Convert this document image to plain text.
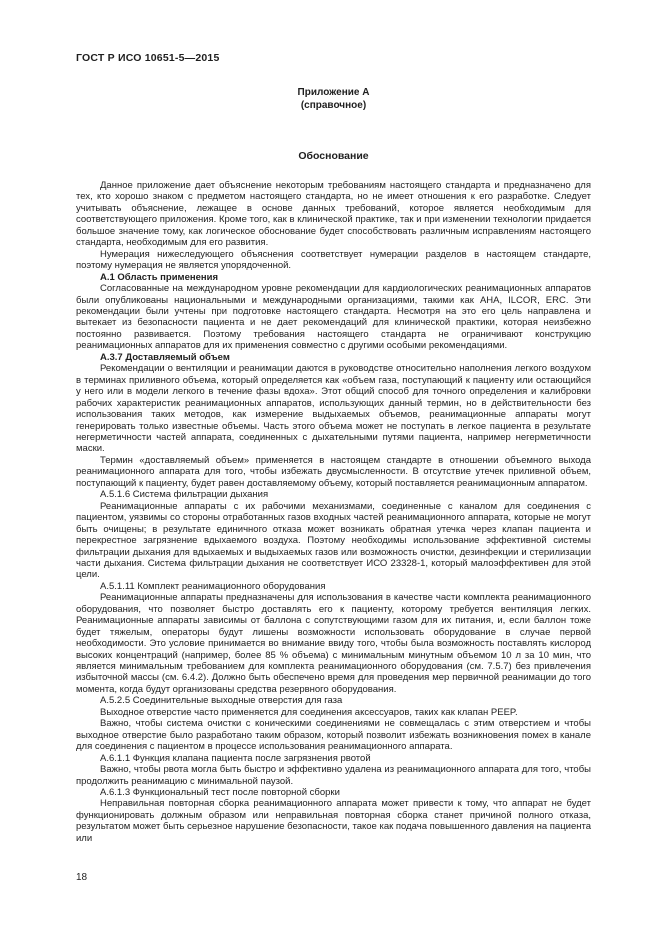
ГОСТ Р ИСО 10651-5—2015
Приложение А
(справочное)
Обоснование

Данное приложение дает объяснение некоторым требованиям настоящего стандарта и предназначено для тех, кто хорошо знаком с предметом настоящего стандарта, но не имеет отношения к его разработке. Следует учитывать объяснение, лежащее в основе данных требований, которое является необходимым для соответствующего приложения. Кроме того, как в клинической практике, так и при изменении технологии придается большое значение тому, как логическое обоснование будет способствовать различным исправлениям настоящего стандарта, необходимым для его развития.

Нумерация нижеследующего объяснения соответствует нумерации разделов в настоящем стандарте, поэтому нумерация не является упорядоченной.

А.1 Область применения

Согласованные на международном уровне рекомендации для кардиологических реанимационных аппаратов были опубликованы национальными и международными организациями, такими как AHA, ILCOR, ERC. Эти рекомендации были учтены при подготовке настоящего стандарта. Несмотря на это его цель направлена и вытекает из безопасности пациента и не дает рекомендаций для клинической практики, которая неизбежно постоянно развивается. Поэтому требования настоящего стандарта не ограничивают конструкцию реанимационных аппаратов для их применения совместно с другими особыми рекомендациями.

А.3.7 Доставляемый объем

Рекомендации о вентиляции и реанимации даются в руководстве относительно наполнения легкого воздухом в терминах приливного объема, который определяется как «объем газа, поступающий к пациенту или остающийся у него или в модели легкого в течение фазы вдоха». Этот общий способ для точного определения и калибровки рабочих характеристик реанимационных аппаратов, использующих данный термин, но в действительности без использования таких методов, как измерение выдыхаемых объемов, реанимационные аппараты могут генерировать только известные объемы. Часть этого объема может не поступать в легкое пациента в результате негерметичности частей аппарата, соединенных с дыхательными путями пациента, например негерметичности маски.

Термин «доставляемый объем» применяется в настоящем стандарте в отношении объемного выхода реанимационного аппарата для того, чтобы избежать двусмысленности. В отсутствие утечек приливной объем, поступающий к пациенту, будет равен доставляемому объему, который поставляется реанимационным аппаратом.

А.5.1.6 Система фильтрации дыхания

Реанимационные аппараты с их рабочими механизмами, соединенные с каналом для соединения с пациентом, уязвимы со стороны отработанных газов входных частей реанимационного аппарата, которые не могут быть очищены; в результате единичного отказа может возникать обратная утечка через клапан пациента и перекрестное загрязнение вдыхаемого воздуха. Поэтому необходимы использование эффективной системы фильтрации дыхания для вдыхаемых и выдыхаемых газов или возможность очистки, дезинфекции и стерилизации части дыхания. Система фильтрации дыхания не соответствует ИСО 23328-1, который малоэффективен для этой цели.

А.5.1.11 Комплект реанимационного оборудования

Реанимационные аппараты предназначены для использования в качестве части комплекта реанимационного оборудования, что позволяет быстро доставлять его к пациенту, которому требуется вентиляция легких. Реанимационные аппараты зависимы от баллона с сопутствующими газом для их питания, и, если баллон тоже будет тяжелым, операторы будут лишены возможности использовать оборудование в случае первой необходимости. Это условие принимается во внимание ввиду того, чтобы была возможность поставлять кислород высоких концентраций (например, более 85 % объема) с минимальным минутным объемом 10 л за 10 мин, что является минимальным требованием для комплекта реанимационного оборудования (см. 7.5.7) без привлечения избыточной массы (см. 6.4.2). Должно быть обеспечено время для проведения мер первичной реанимации до того момента, когда будут организованы средства резервного оборудования.

А.5.2.5 Соединительные выходные отверстия для газа

Выходное отверстие часто применяется для соединения аксессуаров, таких как клапан PEEP.

Важно, чтобы система очистки с коническими соединениями не совмещалась с этим отверстием и чтобы выходное отверстие было разработано таким образом, который позволит избежать возникновения помех в канале для соединения с пациентом в процессе использования реанимационного аппарата.

А.6.1.1 Функция клапана пациента после загрязнения рвотой

Важно, чтобы рвота могла быть быстро и эффективно удалена из реанимационного аппарата для того, чтобы продолжить реанимацию с минимальной паузой.

А.6.1.3 Функциональный тест после повторной сборки

Неправильная повторная сборка реанимационного аппарата может привести к тому, что аппарат не будет функционировать должным образом или неправильная повторная сборка станет причиной полного отказа, результатом может быть серьезное нарушение безопасности, такое как подача повышенного давления на пациента или

18
